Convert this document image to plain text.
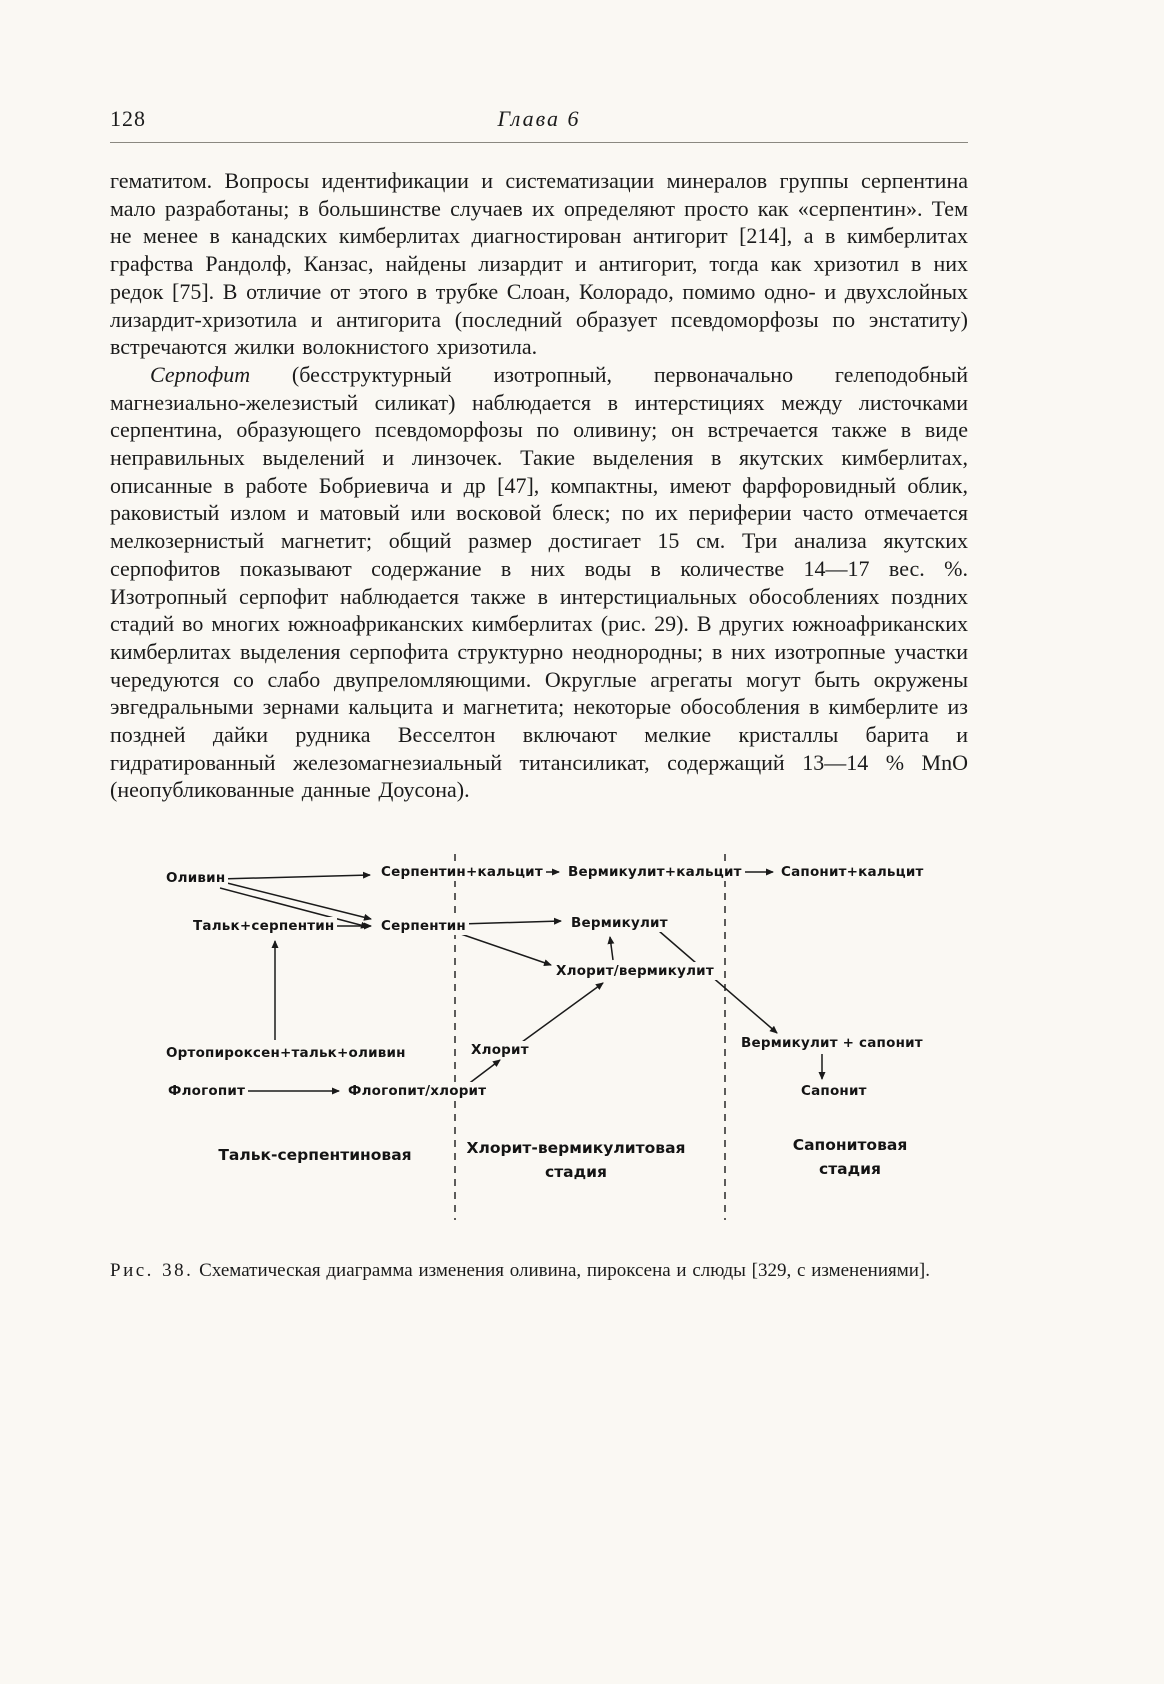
128	Глава 6

гематитом. Вопросы идентификации и систематизации минералов группы серпентина мало разработаны; в большинстве случаев их определяют просто как «серпентин». Тем не менее в канадских кимберлитах диагностирован антигорит [214], а в кимберлитах графства Рандолф, Канзас, найдены лизардит и антигорит, тогда как хризотил в них редок [75]. В отличие от этого в трубке Слоан, Колорадо, помимо одно- и двухслойных лизардит-хризотила и антигорита (последний образует псевдоморфозы по энстатиту) встречаются жилки волокнистого хризотила.

Серпофит (бесструктурный изотропный, первоначально гелеподобный магнезиально-железистый силикат) наблюдается в интерстициях между листочками серпентина, образующего псевдоморфозы по оливину; он встречается также в виде неправильных выделений и линзочек. Такие выделения в якутских кимберлитах, описанные в работе Бобриевича и др [47], компактны, имеют фарфоровидный облик, раковистый излом и матовый или восковой блеск; по их периферии часто отмечается мелкозернистый магнетит; общий размер достигает 15 см. Три анализа якутских серпофитов показывают содержание в них воды в количестве 14—17 вес. %. Изотропный серпофит наблюдается также в интерстициальных обособлениях поздних стадий во многих южноафриканских кимберлитах (рис. 29). В других южноафриканских кимберлитах выделения серпофита структурно неоднородны; в них изотропные участки чередуются со слабо двупреломляющими. Округлые агрегаты могут быть окружены эвгедральными зернами кальцита и магнетита; некоторые обособления в кимберлите из поздней дайки рудника Весселтон включают мелкие кристаллы барита и гидратированный железомагнезиальный титансиликат, содержащий 13—14 % MnO (неопубликованные данные Доусона).

Оливин	Серпентин+кальцит Вермикулит+кальцит	Сапонит+кальцит
Тальк+серпентин	Серпентин	Вермикулит
Хлорит/вермикулит
Ортопироксен+тальк+оливин	Хлорит	Вермикулит + сапонит
Флогопит	Флогопит/хлорит	Сапонит
Тальк-серпентиновая	Хлорит-вермикулитовая стадия
Сапонитовая стадия

Рис. 38. Схематическая диаграмма изменения оливина, пироксена и слюды [329, с изменениями].
